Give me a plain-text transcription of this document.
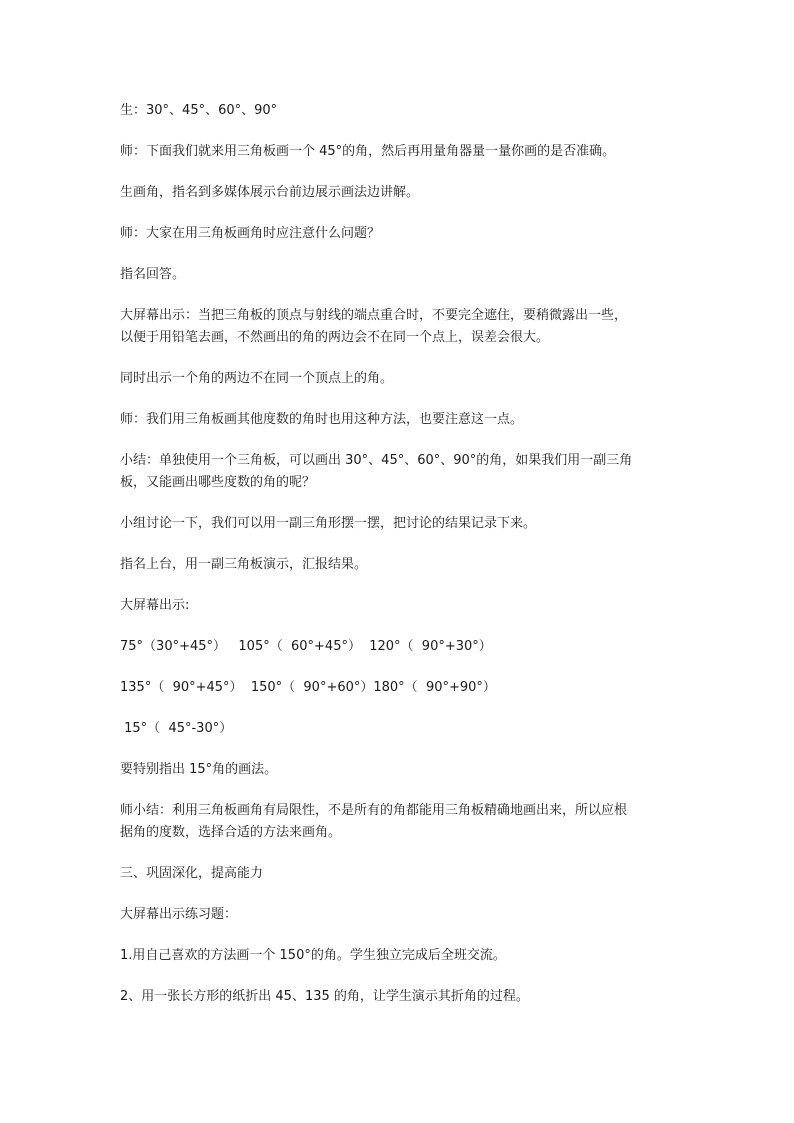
生：30°、45°、60°、90°

师：下面我们就来用三角板画一个 45°的角，然后再用量角器量一量你画的是否准确。

生画角，指名到多媒体展示台前边展示画法边讲解。

师：大家在用三角板画角时应注意什么问题？

指名回答。

大屏幕出示：当把三角板的顶点与射线的端点重合时，不要完全遮住，要稍微露出一些，
以便于用铅笔去画，不然画出的角的两边会不在同一个点上，误差会很大。

同时出示一个角的两边不在同一个顶点上的角。

师：我们用三角板画其他度数的角时也用这种方法，也要注意这一点。

小结：单独使用一个三角板，可以画出 30°、45°、60°、90°的角，如果我们用一副三角
板，又能画出哪些度数的角的呢？

小组讨论一下，我们可以用一副三角形摆一摆，把讨论的结果记录下来。

指名上台，用一副三角板演示，汇报结果。

大屏幕出示:

75°（30°+45°）   105°（  60°+45°）  120°（  90°+30°）

135°（  90°+45°）  150°（  90°+60°）180°（  90°+90°）

15°（  45°-30°）

要特别指出 15°角的画法。

师小结：利用三角板画角有局限性，不是所有的角都能用三角板精确地画出来，所以应根
据角的度数，选择合适的方法来画角。

三、巩固深化，提高能力

大屏幕出示练习题：

1.用自己喜欢的方法画一个 150°的角。学生独立完成后全班交流。

2、用一张长方形的纸折出 45、135 的角，让学生演示其折角的过程。
